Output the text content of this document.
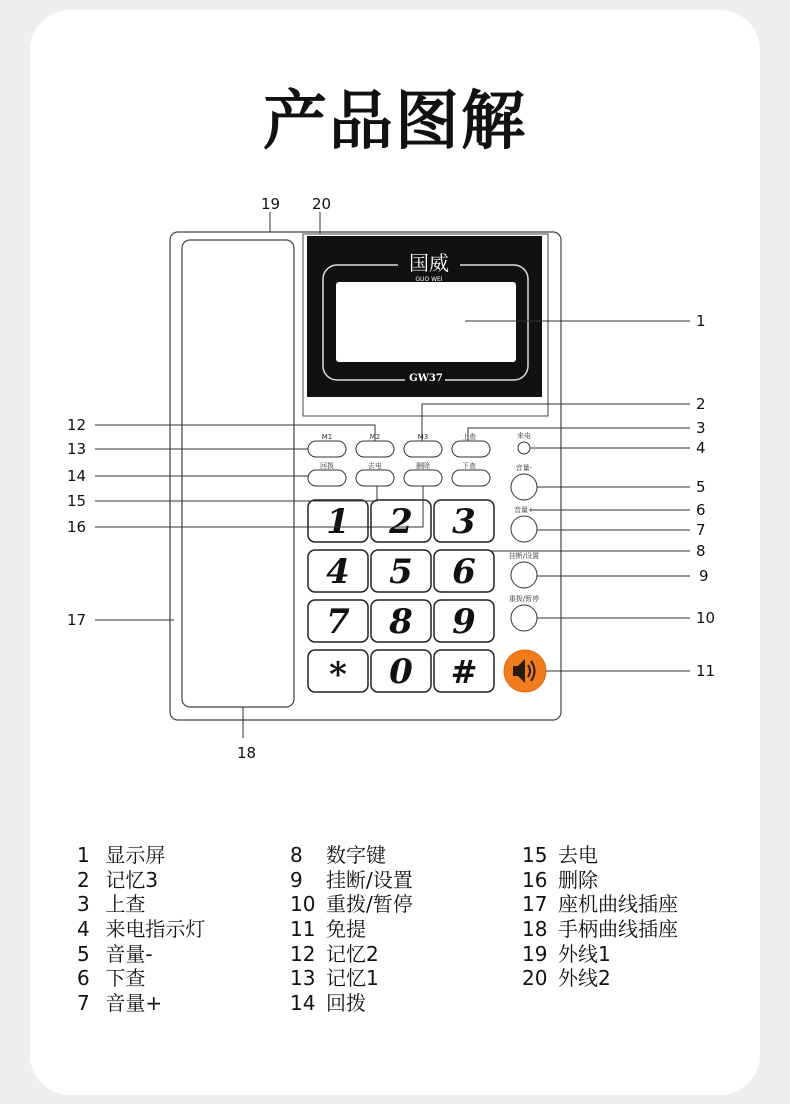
产品图解
国威
GUO WEI
GW37
M1	M2	M3	上查
回拨	去电	删除	下查
1 2 3
4 5 6
7 8 9
* 0 #
来电
音量-
音量+
挂断/设置
重拨/暂停
1
2
3
4
5
6
7
8
9
10
11
12
13
14
15
16
17
18
19 20
1 显示屏
2 记忆3
3 上查
4 来电指示灯
5 音量-
6 下查
7 音量+
8 数字键
9 挂断/设置
10 重拨/暂停
11 免提
12 记忆2
13 记忆1
14 回拨
15 去电
16 删除
17 座机曲线插座
18 手柄曲线插座
19 外线1
20 外线2
